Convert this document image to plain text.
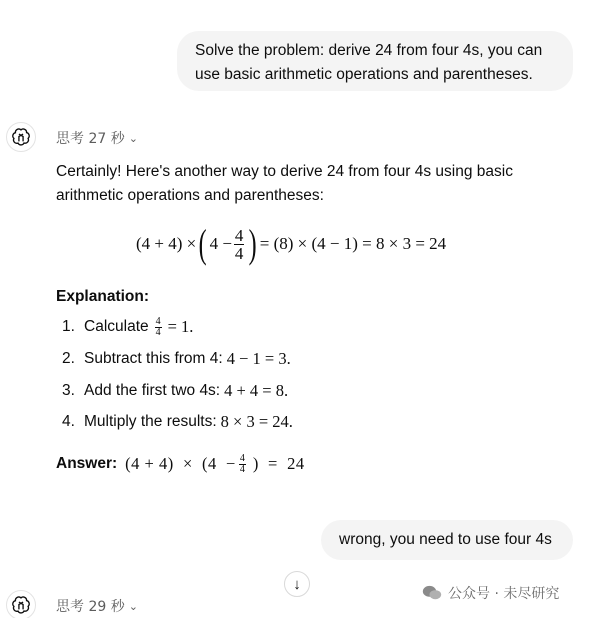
Solve the problem: derive 24 from four 4s, you can use basic arithmetic operations and parentheses.
思考 27 秒 ⌄
Certainly! Here's another way to derive 24 from four 4s using basic arithmetic operations and parentheses:
(4 + 4) × ( $4 - \frac{4}{4}$ ) = (8) × (4 − 1) = 8 × 3 = 24
Explanation:
1. Calculate $\frac{4}{4} = 1$.
2. Subtract this from 4: 4 − 1 = 3.
3. Add the first two 4s: 4 + 4 = 8.
4. Multiply the results: 8 × 3 = 24.
Answer: $(4 + 4) \times (4 - \frac{4}{4}$ )  =  24
wrong, you need to use four 4s
↓
思考 29 秒 ⌄
公众号 · 未尽研究
